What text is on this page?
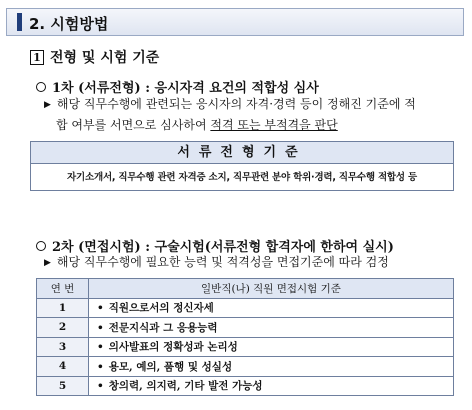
2. 시험방법
1 전형 및 시험 기준
1차 (서류전형) : 응시자격 요건의 적합성 심사
▶ 해당 직무수행에 관련되는 응시자의 자격·경력 등이 정해진 기준에 적
합 여부를 서면으로 심사하여 적격 또는 부적격을 판단
서류전형기준
자기소개서, 직무수행 관련 자격증 소지, 직무관련 분야 학위·경력, 직무수행 적합성 등
2차 (면접시험) : 구술시험(서류전형 합격자에 한하여 실시)
▶ 해당 직무수행에 필요한 능력 및 적격성을 면접기준에 따라 검정
연 번	일반직(나) 직원 면접시험 기준
1	• 직원으로서의 정신자세
2	• 전문지식과 그 응용능력
3	• 의사발표의 정확성과 논리성
4	• 용모, 예의, 품행 및 성실성
5	• 창의력, 의지력, 기타 발전 가능성
